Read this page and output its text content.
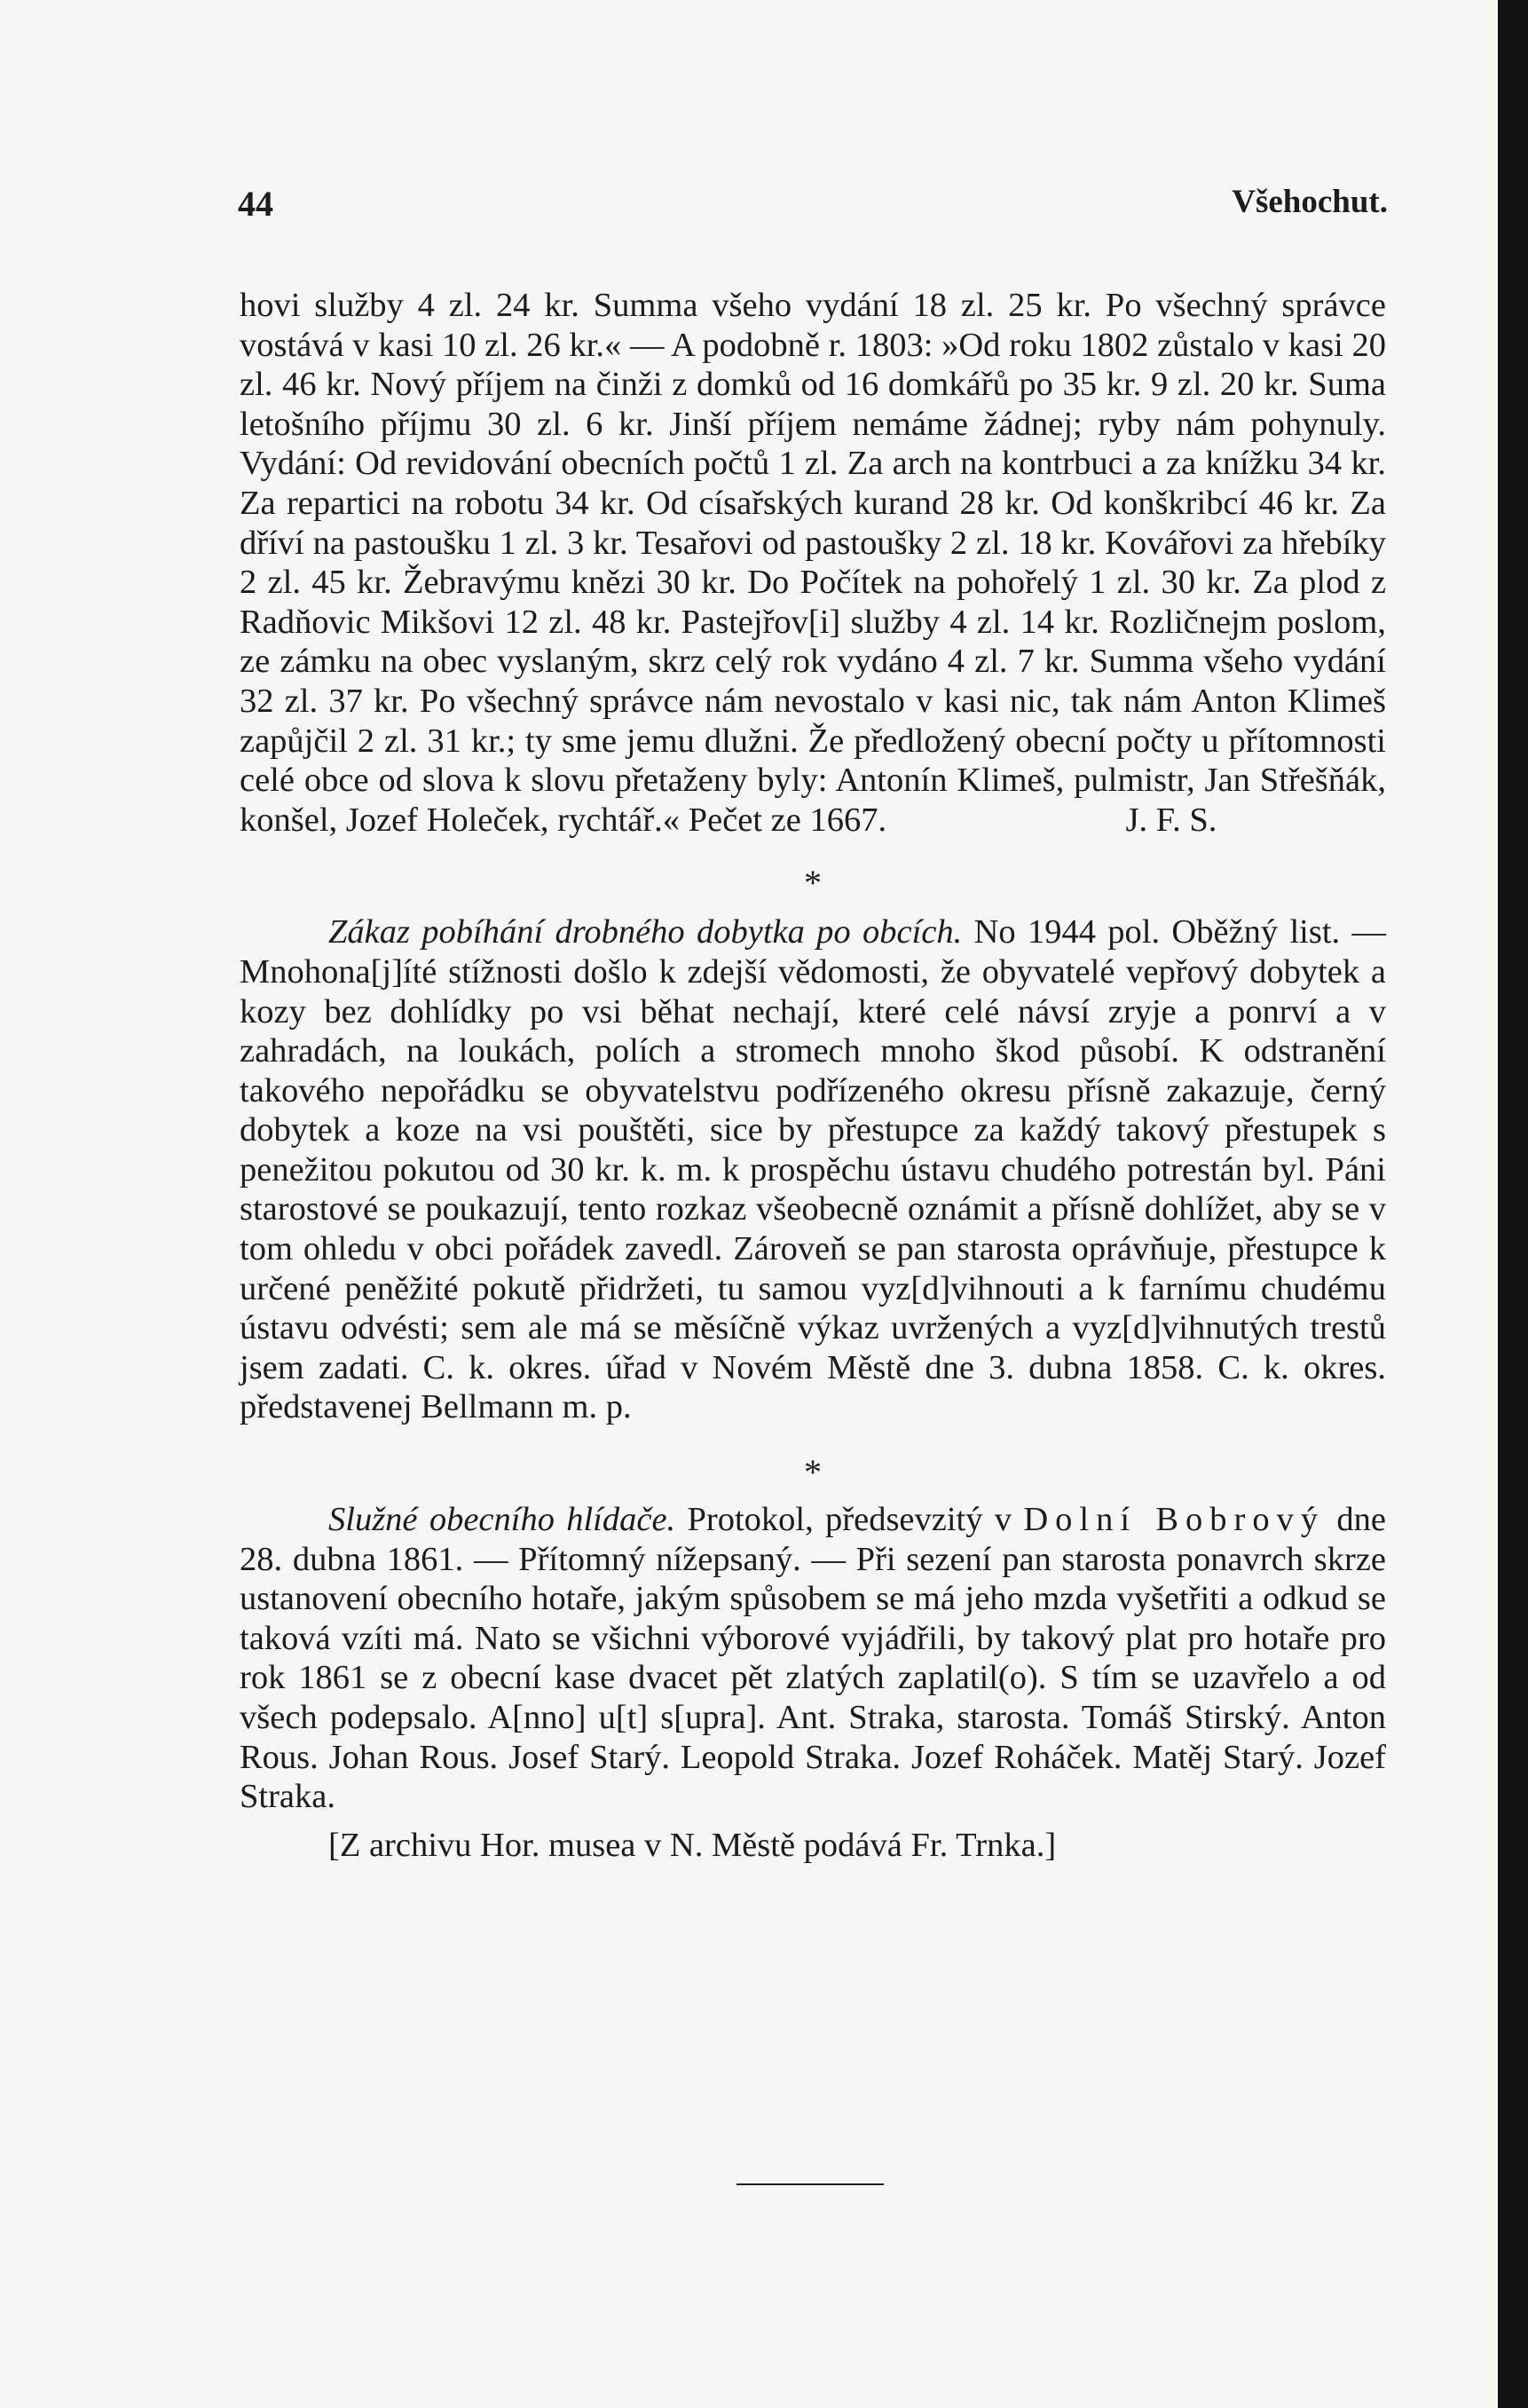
44	Všehochut.

hovi služby 4 zl. 24 kr. Summa všeho vydání 18 zl. 25 kr. Po všechný správce vostává v kasi 10 zl. 26 kr.« — A podobně r. 1803: »Od roku 1802 zůstalo v kasi 20 zl. 46 kr. Nový příjem na činži z domků od 16 domkářů po 35 kr. 9 zl. 20 kr. Suma letošního příjmu 30 zl. 6 kr. Jinší příjem nemáme žádnej; ryby nám pohynuly. Vydání: Od revidování obecních počtů 1 zl. Za arch na kontrbuci a za knížku 34 kr. Za repartici na robotu 34 kr. Od císařských kurand 28 kr. Od konškribcí 46 kr. Za dříví na pastoušku 1 zl. 3 kr. Tesařovi od pastoušky 2 zl. 18 kr. Kovářovi za hřebíky 2 zl. 45 kr. Žebravýmu knězi 30 kr. Do Počítek na pohořelý 1 zl. 30 kr. Za plod z Radňovic Mikšovi 12 zl. 48 kr. Pastejřov[i] služby 4 zl. 14 kr. Rozličnejm poslom, ze zámku na obec vyslaným, skrz celý rok vydáno 4 zl. 7 kr. Summa všeho vydání 32 zl. 37 kr. Po všechný správce nám nevostalo v kasi nic, tak nám Anton Klimeš zapůjčil 2 zl. 31 kr.; ty sme jemu dlužni. Že předložený obecní počty u přítomnosti celé obce od slova k slovu přetaženy byly: Antonín Klimeš, pulmistr, Jan Střešňák, konšel, Jozef Holeček, rychtář.« Pečet ze 1667.	J. F. S.

*

Zákaz pobíhání drobného dobytka po obcích. No 1944 pol. Oběžný list. — Mnohona[j]íté stížnosti došlo k zdejší vědomosti, že obyvatelé vepřový dobytek a kozy bez dohlídky po vsi běhat nechají, které celé návsí zryje a ponrví a v zahradách, na loukách, polích a stromech mnoho škod působí. K odstranění takového nepořádku se obyvatelstvu podřízeného okresu přísně zakazuje, černý dobytek a koze na vsi pouštěti, sice by přestupce za každý takový přestupek s penežitou pokutou od 30 kr. k. m. k prospěchu ústavu chudého potrestán byl. Páni starostové se poukazují, tento rozkaz všeobecně oznámit a přísně dohlížet, aby se v tom ohledu v obci pořádek zavedl. Zároveň se pan starosta oprávňuje, přestupce k určené peněžité pokutě přidržeti, tu samou vyz[d]vihnouti a k farnímu chudému ústavu odvésti; sem ale má se měsíčně výkaz uvržených a vyz[d]vihnutých trestů jsem zadati. C. k. okres. úřad v Novém Městě dne 3. dubna 1858. C. k. okres. představenej Bellmann m. p.

*

Služné obecního hlídače. Protokol, předsevzitý v Dolní Bobrový dne 28. dubna 1861. — Přítomný nížepsaný. — Při sezení pan starosta ponavrch skrze ustanovení obecního hotaře, jakým spůsobem se má jeho mzda vyšetřiti a odkud se taková vzíti má. Nato se všichni výborové vyjádřili, by takový plat pro hotaře pro rok 1861 se z obecní kase dvacet pět zlatých zaplatil(o). S tím se uzavřelo a od všech podepsalo. A[nno] u[t] s[upra]. Ant. Straka, starosta. Tomáš Stirský. Anton Rous. Johan Rous. Josef Starý. Leopold Straka. Jozef Roháček. Matěj Starý. Jozef Straka.

[Z archivu Hor. musea v N. Městě podává Fr. Trnka.]
